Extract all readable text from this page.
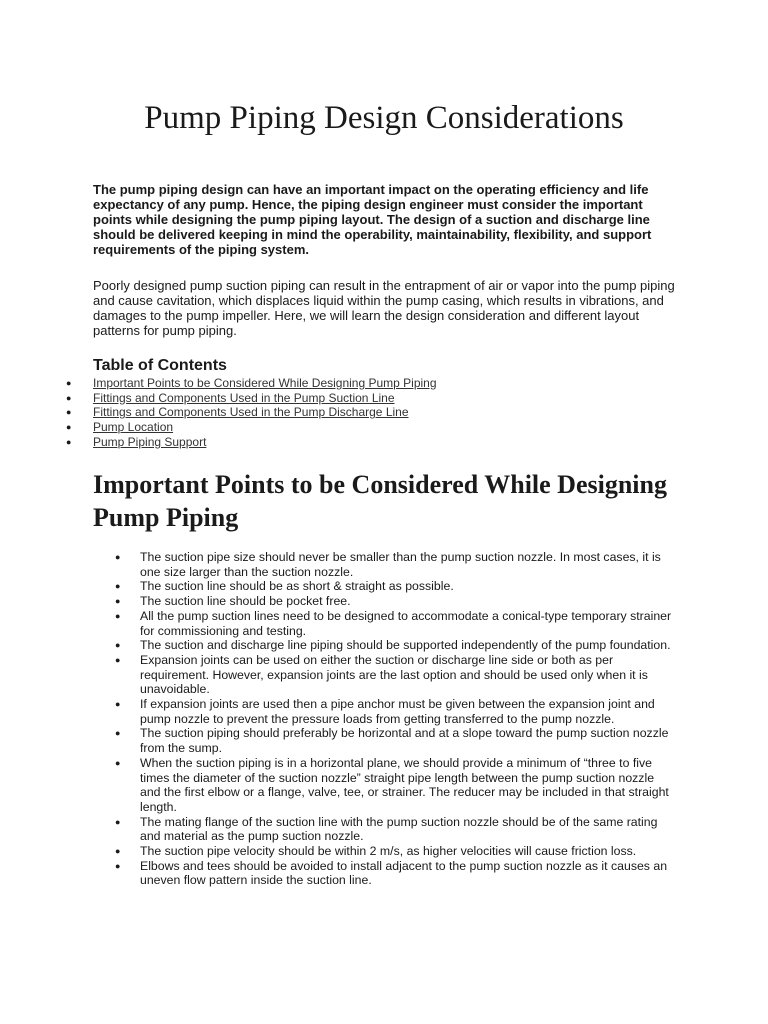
Pump Piping Design Considerations

The pump piping design can have an important impact on the operating efficiency and life expectancy of any pump. Hence, the piping design engineer must consider the important points while designing the pump piping layout. The design of a suction and discharge line should be delivered keeping in mind the operability, maintainability, flexibility, and support requirements of the piping system.

Poorly designed pump suction piping can result in the entrapment of air or vapor into the pump piping and cause cavitation, which displaces liquid within the pump casing, which results in vibrations, and damages to the pump impeller. Here, we will learn the design consideration and different layout patterns for pump piping.

Table of Contents
● Important Points to be Considered While Designing Pump Piping
● Fittings and Components Used in the Pump Suction Line
● Fittings and Components Used in the Pump Discharge Line
● Pump Location
● Pump Piping Support
Important Points to be Considered While Designing Pump Piping
● The suction pipe size should never be smaller than the pump suction nozzle. In most cases, it is one size larger than the suction nozzle.
● The suction line should be as short & straight as possible.
● The suction line should be pocket free.
● All the pump suction lines need to be designed to accommodate a conical-type temporary strainer for commissioning and testing.
● The suction and discharge line piping should be supported independently of the pump foundation.
● Expansion joints can be used on either the suction or discharge line side or both as per requirement. However, expansion joints are the last option and should be used only when it is unavoidable.
● If expansion joints are used then a pipe anchor must be given between the expansion joint and pump nozzle to prevent the pressure loads from getting transferred to the pump nozzle.
● The suction piping should preferably be horizontal and at a slope toward the pump suction nozzle from the sump.
● When the suction piping is in a horizontal plane, we should provide a minimum of “three to five times the diameter of the suction nozzle” straight pipe length between the pump suction nozzle and the first elbow or a flange, valve, tee, or strainer. The reducer may be included in that straight length.
● The mating flange of the suction line with the pump suction nozzle should be of the same rating and material as the pump suction nozzle.
● The suction pipe velocity should be within 2 m/s, as higher velocities will cause friction loss.
● Elbows and tees should be avoided to install adjacent to the pump suction nozzle as it causes an uneven flow pattern inside the suction line.
